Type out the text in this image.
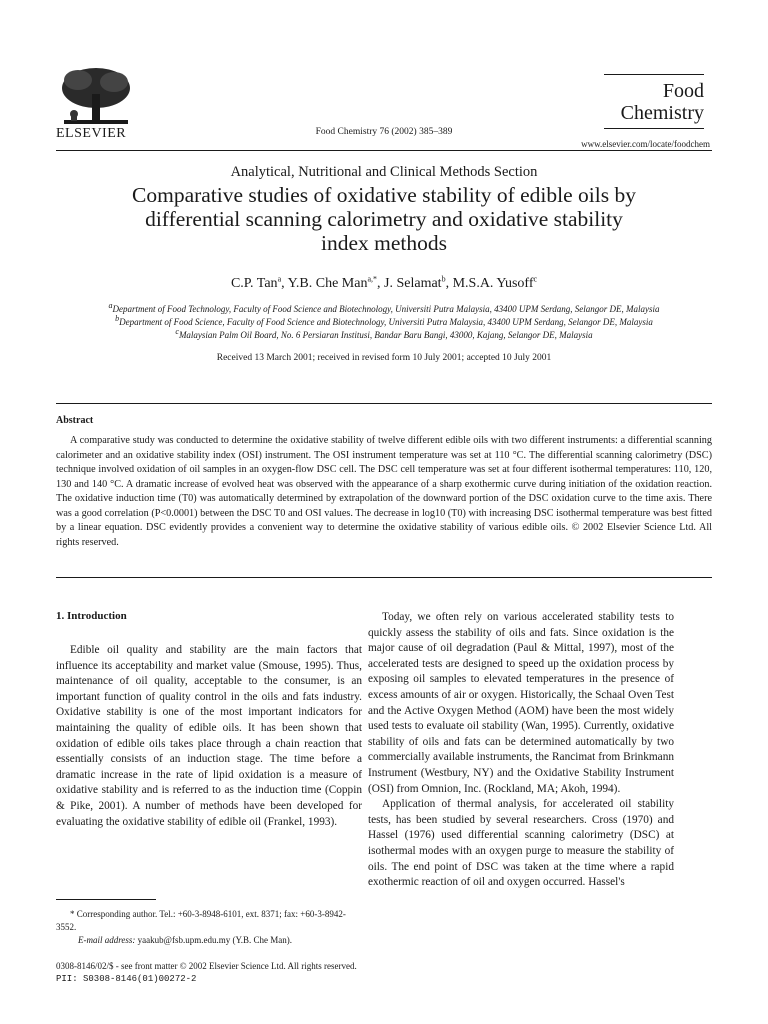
ELSEVIER	Food Chemistry 76 (2002) 385–389
Food
Chemistry
www.elsevier.com/locate/foodchem
Analytical, Nutritional and Clinical Methods Section
Comparative studies of oxidative stability of edible oils by
differential scanning calorimetry and oxidative stability
index methods
C.P. Tan$^a$, Y.B. Che Man$^{a,*}$, J. Selamat$^b$, M.S.A. Yusoff$^c$
$^a$Department of Food Technology, Faculty of Food Science and Biotechnology, Universiti Putra Malaysia, 43400 UPM Serdang, Selangor DE, Malaysia
$^b$Department of Food Science, Faculty of Food Science and Biotechnology, Universiti Putra Malaysia, 43400 UPM Serdang, Selangor DE, Malaysia
$^c$Malaysian Palm Oil Board, No. 6 Persiaran Institusi, Bandar Baru Bangi, 43000, Kajang, Selangor DE, Malaysia
Received 13 March 2001; received in revised form 10 July 2001; accepted 10 July 2001
Abstract
A comparative study was conducted to determine the oxidative stability of twelve different edible oils with two different instruments: a differential scanning calorimeter and an oxidative stability index (OSI) instrument. The OSI instrument temperature was set at 110 °C. The differential scanning calorimetry (DSC) technique involved oxidation of oil samples in an oxygen-flow DSC cell. The DSC cell temperature was set at four different isothermal temperatures: 110, 120, 130 and 140 °C. A dramatic increase of evolved heat was observed with the appearance of a sharp exothermic curve during initiation of the oxidation reaction. The oxidative induction time (T0) was automatically determined by extrapolation of the downward portion of the DSC oxidation curve to the time axis. There was a good correlation (P<0.0001) between the DSC T0 and OSI values. The decrease in log10 (T0) with increasing DSC isothermal temperature was best fitted by a linear equation. DSC evidently provides a convenient way to determine the oxidative stability of various edible oils. © 2002 Elsevier Science Ltd. All rights reserved.
1. Introduction

Edible oil quality and stability are the main factors that influence its acceptability and market value (Smouse, 1995). Thus, maintenance of oil quality, acceptable to the consumer, is an important function of quality control in the oils and fats industry. Oxidative stability is one of the most important indicators for maintaining the quality of edible oils. It has been shown that oxidation of edible oils takes place through a chain reaction that essentially consists of an induction stage. The time before a dramatic increase in the rate of lipid oxidation is a measure of oxidative stability and is referred to as the induction time (Coppin & Pike, 2001). A number of methods have been developed for evaluating the oxidative stability of edible oil (Frankel, 1993).

Today, we often rely on various accelerated stability tests to quickly assess the stability of oils and fats. Since oxidation is the major cause of oil degradation (Paul & Mittal, 1997), most of the accelerated tests are designed to speed up the oxidation process by exposing oil samples to elevated temperatures in the presence of excess amounts of air or oxygen. Historically, the Schaal Oven Test and the Active Oxygen Method (AOM) have been the most widely used tests to evaluate oil stability (Wan, 1995). Currently, oxidative stability of oils and fats can be determined automatically by two commercially available instruments, the Rancimat from Brinkmann Instrument (Westbury, NY) and the Oxidative Stability Instrument (OSI) from Omnion, Inc. (Rockland, MA; Akoh, 1994).

Application of thermal analysis, for accelerated oil stability tests, has been studied by several researchers. Cross (1970) and Hassel (1976) used differential scanning calorimetry (DSC) at isothermal modes with an oxygen purge to measure the stability of oils. The end point of DSC was taken at the time where a rapid exothermic reaction of oil and oxygen occurred. Hassel's

* Corresponding author. Tel.: +60-3-8948-6101, ext. 8371; fax: +60-3-8942-3552.
E-mail address: yaakub@fsb.upm.edu.my (Y.B. Che Man).
0308-8146/02/$ - see front matter © 2002 Elsevier Science Ltd. All rights reserved.
PII: S0308-8146(01)00272-2
